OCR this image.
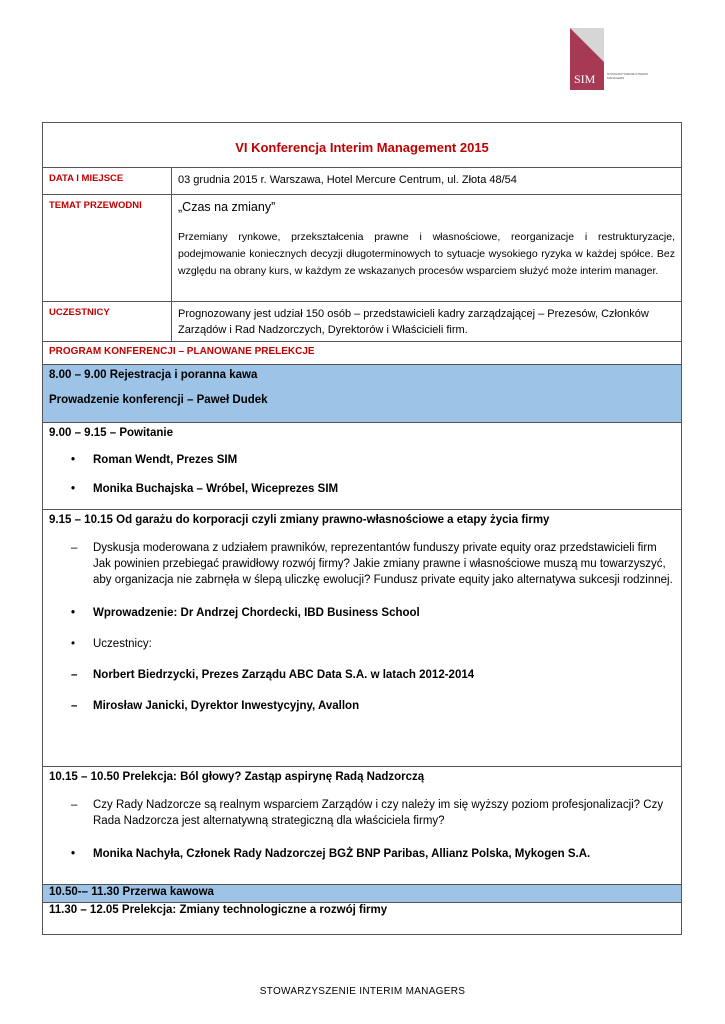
SIM	STOWARZYSZENIE INTERIM MANAGERS
VI Konferencja Interim Management 2015
DATA I MIEJSCE	03 grudnia 2015 r. Warszawa, Hotel Mercure Centrum, ul. Złota 48/54
TEMAT PRZEWODNI	„Czas na zmiany”
Przemiany rynkowe, przekształcenia prawne i własnościowe, reorganizacje i restrukturyzacje, podejmowanie koniecznych decyzji długoterminowych to sytuacje wysokiego ryzyka w każdej spółce. Bez względu na obrany kurs, w każdym ze wskazanych procesów wsparciem służyć może interim manager.
UCZESTNICY	Prognozowany jest udział 150 osób – przedstawicieli kadry zarządzającej – Prezesów, Członków Zarządów i Rad Nadzorczych, Dyrektorów i Właścicieli firm.
PROGRAM KONFERENCJI – PLANOWANE PRELEKCJE
8.00 – 9.00 Rejestracja i poranna kawa
Prowadzenie konferencji – Paweł Dudek
9.00 – 9.15 – Powitanie
• Roman Wendt, Prezes SIM
• Monika Buchajska – Wróbel, Wiceprezes SIM
9.15 – 10.15 Od garażu do korporacji czyli zmiany prawno-własnościowe a etapy życia firmy
– Dyskusja moderowana z udziałem prawników, reprezentantów funduszy private equity oraz przedstawicieli firm
Jak powinien przebiegać prawidłowy rozwój firmy? Jakie zmiany prawne i własnościowe muszą mu towarzyszyć, aby organizacja nie zabrnęła w ślepą uliczkę ewolucji? Fundusz private equity jako alternatywa sukcesji rodzinnej.
• Wprowadzenie: Dr Andrzej Chordecki, IBD Business School
• Uczestnicy:
– Norbert Biedrzycki, Prezes Zarządu ABC Data S.A. w latach 2012-2014
– Mirosław Janicki, Dyrektor Inwestycyjny, Avallon
10.15 – 10.50 Prelekcja: Ból głowy? Zastąp aspirynę Radą Nadzorczą
– Czy Rady Nadzorcze są realnym wsparciem Zarządów i czy należy im się wyższy poziom profesjonalizacji? Czy Rada Nadzorcza jest alternatywną strategiczną dla właściciela firmy?
• Monika Nachyła, Członek Rady Nadzorczej BGŻ BNP Paribas, Allianz Polska, Mykogen S.A.
10.50-– 11.30 Przerwa kawowa
11.30 – 12.05 Prelekcja: Zmiany technologiczne a rozwój firmy
STOWARZYSZENIE INTERIM MANAGERS
